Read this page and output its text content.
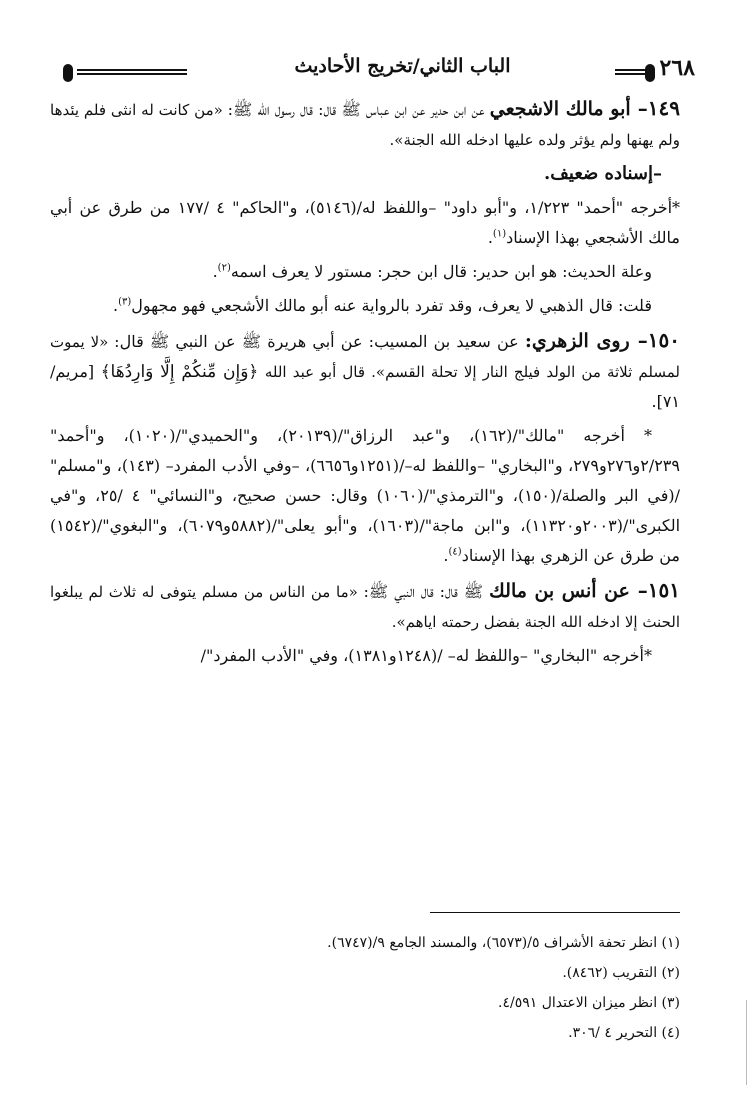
٢٦٨
الباب الثاني/تخريج الأحاديث

١٤٩– أبو مالك الاشجعي عن ابن حدير عن ابن عباس ﷺ قال: قال رسول الله ﷺ: «من كانت له انثى فلم يئدها ولم يهنها ولم يؤثر ولده عليها ادخله الله الجنة».

–إسناده ضعيف.

*أخرجه "أحمد" ١/٢٢٣، و"أبو داود" –واللفظ له/(٥١٤٦)، و"الحاكم" ٤ /١٧٧ من طرق عن أبي مالك الأشجعي بهذا الإسناد$^{(١)}$.

وعلة الحديث: هو ابن حدير: قال ابن حجر: مستور لا يعرف اسمه$^{(٢)}$.

قلت: قال الذهبي لا يعرف، وقد تفرد بالرواية عنه أبو مالك الأشجعي فهو مجهول$^{(٣)}$.

١٥٠– روى الزهري: عن سعيد بن المسيب: عن أبي هريرة ﷺ عن النبي ﷺ قال: «لا يموت لمسلم ثلاثة من الولد فيلج النار إلا تحلة القسم». قال أبو عبد الله ﴿وَإِن مِّنكُمْ إِلَّا وَارِدُهَا﴾ [مريم/٧١].

* أخرجه "مالك"/(١٦٢)، و"عبد الرزاق"/(٢٠١٣٩)، و"الحميدي"/(١٠٢٠)، و"أحمد" ٢/٢٣٩و٢٧٦و٢٧٩، و"البخاري" –واللفظ له–/(١٢٥١و٦٦٥٦)، –وفي الأدب المفرد– (١٤٣)، و"مسلم" /(في البر والصلة/(١٥٠)، و"الترمذي"/(١٠٦٠) وقال: حسن صحيح، و"النسائي" ٤ /٢٥، و"في الكبرى"/(٢٠٠٣و١١٣٢٠)، و"ابن ماجة"/(١٦٠٣)، و"أبو يعلى"/(٥٨٨٢و٦٠٧٩)، و"البغوي"/(١٥٤٢) من طرق عن الزهري بهذا الإسناد$^{(٤)}$.

١٥١– عن أنس بن مالك ﷺ قال: قال النبي ﷺ: «ما من الناس من مسلم يتوفى له ثلاث لم يبلغوا الحنث إلا ادخله الله الجنة بفضل رحمته اياهم».

*أخرجه "البخاري" –واللفظ له– /(١٢٤٨و١٣٨١)، وفي "الأدب المفرد"/

(١) انظر تحفة الأشراف ٥/(٦٥٧٣)، والمسند الجامع ٩/(٦٧٤٧).
(٢) التقريب (٨٤٦٢).
(٣) انظر ميزان الاعتدال ٤/٥٩١.
(٤) التحرير ٤ /٣٠٦.
